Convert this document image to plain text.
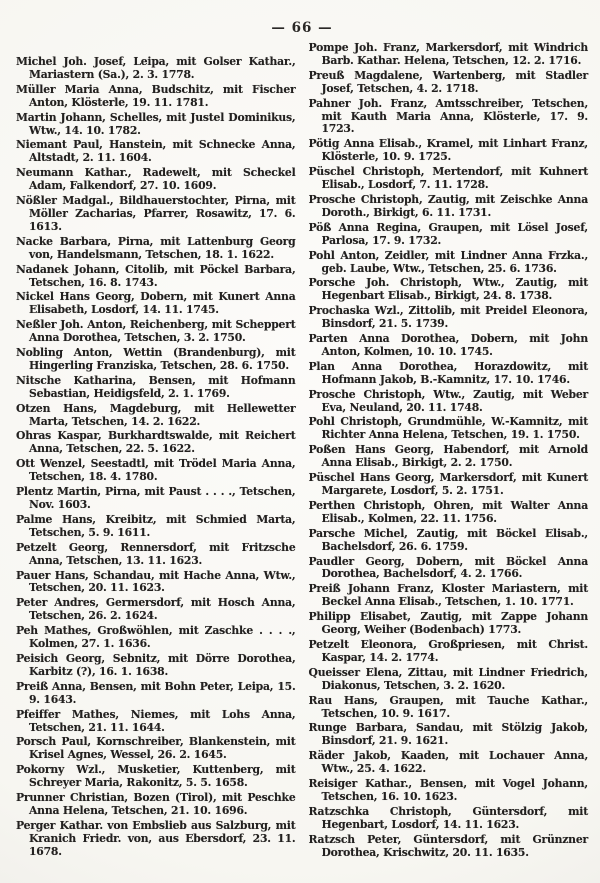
— 66 —

Michel Joh. Josef, Leipa, mit Golser Kathar., Mariastern (Sa.), 2. 3. 1778.

Müller Maria Anna, Budschitz, mit Fischer Anton, Klösterle, 19. 11. 1781.

Martin Johann, Schelles, mit Justel Dominikus, Wtw., 14. 10. 1782.

Niemant Paul, Hanstein, mit Schnecke Anna, Altstadt, 2. 11. 1604.

Neumann Kathar., Radewelt, mit Scheckel Adam, Falkendorf, 27. 10. 1609.

Nößler Madgal., Bildhauerstochter, Pirna, mit Möller Zacharias, Pfarrer, Rosawitz, 17. 6. 1613.

Nacke Barbara, Pirna, mit Lattenburg Georg von, Handelsmann, Tetschen, 18. 1. 1622.

Nadanek Johann, Citolib, mit Pöckel Barbara, Tetschen, 16. 8. 1743.

Nickel Hans Georg, Dobern, mit Kunert Anna Elisabeth, Losdorf, 14. 11. 1745.

Neßler Joh. Anton, Reichenberg, mit Scheppert Anna Dorothea, Tetschen, 3. 2. 1750.

Nobling Anton, Wettin (Brandenburg), mit Hingerling Franziska, Tetschen, 28. 6. 1750.

Nitsche Katharina, Bensen, mit Hofmann Sebastian, Heidigsfeld, 2. 1. 1769.

Otzen Hans, Magdeburg, mit Hellewetter Marta, Tetschen, 14. 2. 1622.

Ohras Kaspar, Burkhardtswalde, mit Reichert Anna, Tetschen, 22. 5. 1622.

Ott Wenzel, Seestadtl, mit Trödel Maria Anna, Tetschen, 18. 4. 1780.

Plentz Martin, Pirna, mit Paust . . . ., Tetschen, Nov. 1603.

Palme Hans, Kreibitz, mit Schmied Marta, Tetschen, 5. 9. 1611.

Petzelt Georg, Rennersdorf, mit Fritzsche Anna, Tetschen, 13. 11. 1623.

Pauer Hans, Schandau, mit Hache Anna, Wtw., Tetschen, 20. 11. 1623.

Peter Andres, Germersdorf, mit Hosch Anna, Tetschen, 26. 2. 1624.

Peh Mathes, Großwöhlen, mit Zaschke . . . ., Kolmen, 27. 1. 1636.

Peisich Georg, Sebnitz, mit Dörre Dorothea, Karbitz (?), 16. 1. 1638.

Preiß Anna, Bensen, mit Bohn Peter, Leipa, 15. 9. 1643.

Pfeiffer Mathes, Niemes, mit Lohs Anna, Tetschen, 21. 11. 1644.

Porsch Paul, Kornschreiber, Blankenstein, mit Krisel Agnes, Wessel, 26. 2. 1645.

Pokorny Wzl., Musketier, Kuttenberg, mit Schreyer Maria, Rakonitz, 5. 5. 1658.

Prunner Christian, Bozen (Tirol), mit Peschke Anna Helena, Tetschen, 21. 10. 1696.

Perger Kathar. von Embslieb aus Salzburg, mit Kranich Friedr. von, aus Ebersdorf, 23. 11. 1678.

Pompe Joh. Franz, Markersdorf, mit Windrich Barb. Kathar. Helena, Tetschen, 12. 2. 1716.

Preuß Magdalene, Wartenberg, mit Stadler Josef, Tetschen, 4. 2. 1718.

Pahner Joh. Franz, Amtsschreiber, Tetschen, mit Kauth Maria Anna, Klösterle, 17. 9. 1723.

Pötig Anna Elisab., Kramel, mit Linhart Franz, Klösterle, 10. 9. 1725.

Püschel Christoph, Mertendorf, mit Kuhnert Elisab., Losdorf, 7. 11. 1728.

Prosche Christoph, Zautig, mit Zeischke Anna Doroth., Birkigt, 6. 11. 1731.

Pöß Anna Regina, Graupen, mit Lösel Josef, Parlosa, 17. 9. 1732.

Pohl Anton, Zeidler, mit Lindner Anna Frzka., geb. Laube, Wtw., Tetschen, 25. 6. 1736.

Porsche Joh. Christoph, Wtw., Zautig, mit Hegenbart Elisab., Birkigt, 24. 8. 1738.

Prochaska Wzl., Zittolib, mit Preidel Eleonora, Binsdorf, 21. 5. 1739.

Parten Anna Dorothea, Dobern, mit John Anton, Kolmen, 10. 10. 1745.

Plan Anna Dorothea, Horazdowitz, mit Hofmann Jakob, B.-Kamnitz, 17. 10. 1746.

Prosche Christoph, Wtw., Zautig, mit Weber Eva, Neuland, 20. 11. 1748.

Pohl Christoph, Grundmühle, W.-Kamnitz, mit Richter Anna Helena, Tetschen, 19. 1. 1750.

Poßen Hans Georg, Habendorf, mit Arnold Anna Elisab., Birkigt, 2. 2. 1750.

Püschel Hans Georg, Markersdorf, mit Kunert Margarete, Losdorf, 5. 2. 1751.

Perthen Christoph, Ohren, mit Walter Anna Elisab., Kolmen, 22. 11. 1756.

Parsche Michel, Zautig, mit Böckel Elisab., Bachelsdorf, 26. 6. 1759.

Paudler Georg, Dobern, mit Böckel Anna Dorothea, Bachelsdorf, 4. 2. 1766.

Preiß Johann Franz, Kloster Mariastern, mit Beckel Anna Elisab., Tetschen, 1. 10. 1771.

Philipp Elisabet, Zautig, mit Zappe Johann Georg, Weiher (Bodenbach) 1773.

Petzelt Eleonora, Großpriesen, mit Christ. Kaspar, 14. 2. 1774.

Queisser Elena, Zittau, mit Lindner Friedrich, Diakonus, Tetschen, 3. 2. 1620.

Rau Hans, Graupen, mit Tauche Kathar., Tetschen, 10. 9. 1617.

Runge Barbara, Sandau, mit Stölzig Jakob, Binsdorf, 21. 9. 1621.

Räder Jakob, Kaaden, mit Lochauer Anna, Wtw., 25. 4. 1622.

Reisiger Kathar., Bensen, mit Vogel Johann, Tetschen, 16. 10. 1623.

Ratzschka Christoph, Güntersdorf, mit Hegenbart, Losdorf, 14. 11. 1623.

Ratzsch Peter, Güntersdorf, mit Grünzner Dorothea, Krischwitz, 20. 11. 1635.
